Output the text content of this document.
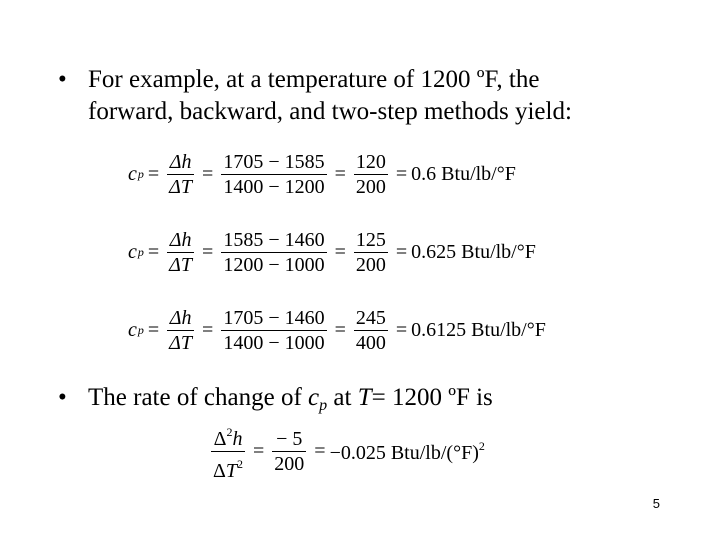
• For example, at a temperature of 1200 ºF, the
forward, backward, and two-step methods yield:
c $p = \frac{\Delta h}{\Delta T} = \frac{1705 - 1585}{1400 - 1200} = \frac{120}{200} = 0.6$ Btu/lb/°F
c $p = \frac{\Delta h}{\Delta T} = \frac{1585 - 1460}{1200 - 1000} = \frac{125}{200} = 0.625$ Btu/lb/°F
c $p = \frac{\Delta h}{\Delta T} = \frac{1705 - 1460}{1400 - 1000} = \frac{245}{400} = 0.6125$ Btu/lb/°F
• The rate of change of $c_p$ at T= 1200 ºF is
$\frac{\Delta^2h}{\Delta T^2} = \frac{- 5}{200} = -0.025$ Btu/$lb/(^\circ F)^2$
5
